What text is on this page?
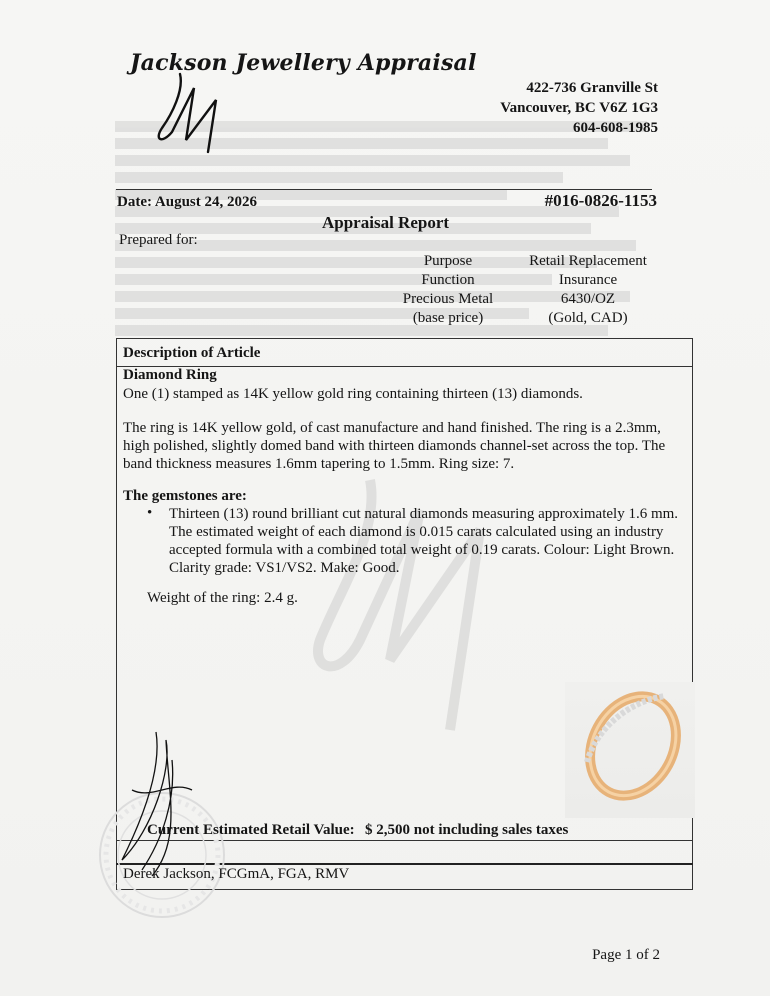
Jackson Jewellery Appraisal
422-736 Granville St
Vancouver, BC V6Z 1G3
604-608-1985
Date: August 24, 2026	#016-0826-1153
Appraisal Report
Prepared for:
Purpose
Function
Precious Metal
(base price)
Retail Replacement
Insurance
6430/OZ
(Gold, CAD)
Description of Article
Diamond Ring
One (1) stamped as 14K yellow gold ring containing thirteen (13) diamonds.
The ring is 14K yellow gold, of cast manufacture and hand finished. The ring is a 2.3mm,
high polished, slightly domed band with thirteen diamonds channel-set across the top. The
band thickness measures 1.6mm tapering to 1.5mm. Ring size: 7.
The gemstones are:
• Thirteen (13) round brilliant cut natural diamonds measuring approximately 1.6 mm.
The estimated weight of each diamond is 0.015 carats calculated using an industry
accepted formula with a combined total weight of 0.19 carats. Colour: Light Brown.
Clarity grade: VS1/VS2. Make: Good.
Weight of the ring: 2.4 g.
Current Estimated Retail Value: $ 2,500 not including sales taxes
Derek Jackson, FCGmA, FGA, RMV
Page 1 of 2
